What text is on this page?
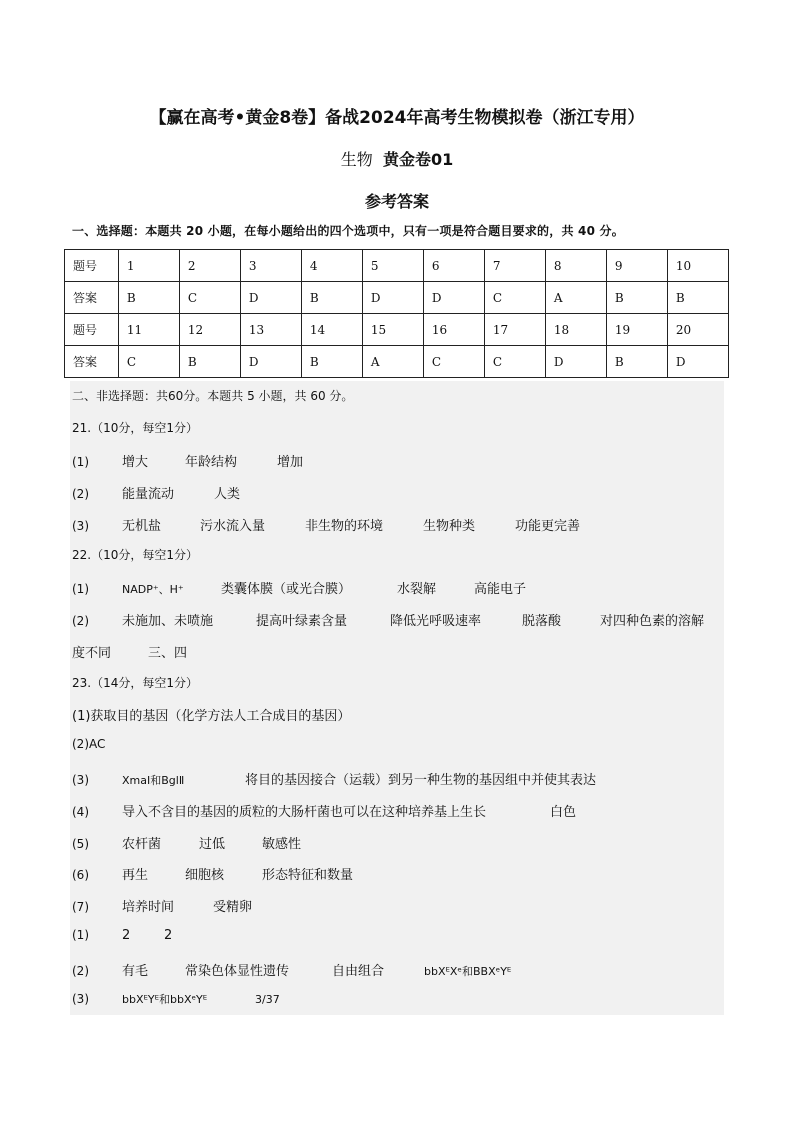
【赢在高考•黄金8卷】备战2024年高考生物模拟卷（浙江专用）
生物 黄金卷01
参考答案
一、选择题：本题共 20 小题，在每小题给出的四个选项中，只有一项是符合题目要求的，共 40 分。
题号	1	2	3	4	5	6	7	8	9	10
答案	B	C	D	B	D	D	C	A	B	B
题号	11	12	13	14	15	16	17	18	19	20
答案	C	B	D	B	A	C	C	D	B	D
二、非选择题：共60分。本题共 5 小题，共 60 分。
21.（10分，每空1分）
(1)	增大	年龄结构	增加
(2)	能量流动	人类
(3)	无机盐	污水流入量	非生物的环境	生物种类	功能更完善
22.（10分，每空1分）
(1)	NADP⁺、H⁺	类囊体膜（或光合膜）	水裂解	高能电子
(2)	未施加、未喷施	提高叶绿素含量	降低光呼吸速率	脱落酸	对四种色素的溶解
度不同	三、四
23.（14分，每空1分）
(1)获取目的基因（化学方法人工合成目的基因）
(2)AC
(3)	XmaⅠ和BglⅡ	将目的基因接合（运载）到另一种生物的基因组中并使其表达
(4)	导入不含目的基因的质粒的大肠杆菌也可以在这种培养基上生长	白色
(5)	农杆菌	过低	敏感性
(6)	再生	细胞核	形态特征和数量
(7)	培养时间	受精卵
(1)	2	2
(2)	有毛	常染色体显性遗传	自由组合	bbXᴱXᵉ和BBXᵉYᴱ
(3)	bbXᴱYᴱ和bbXᵉYᴱ	3/37
